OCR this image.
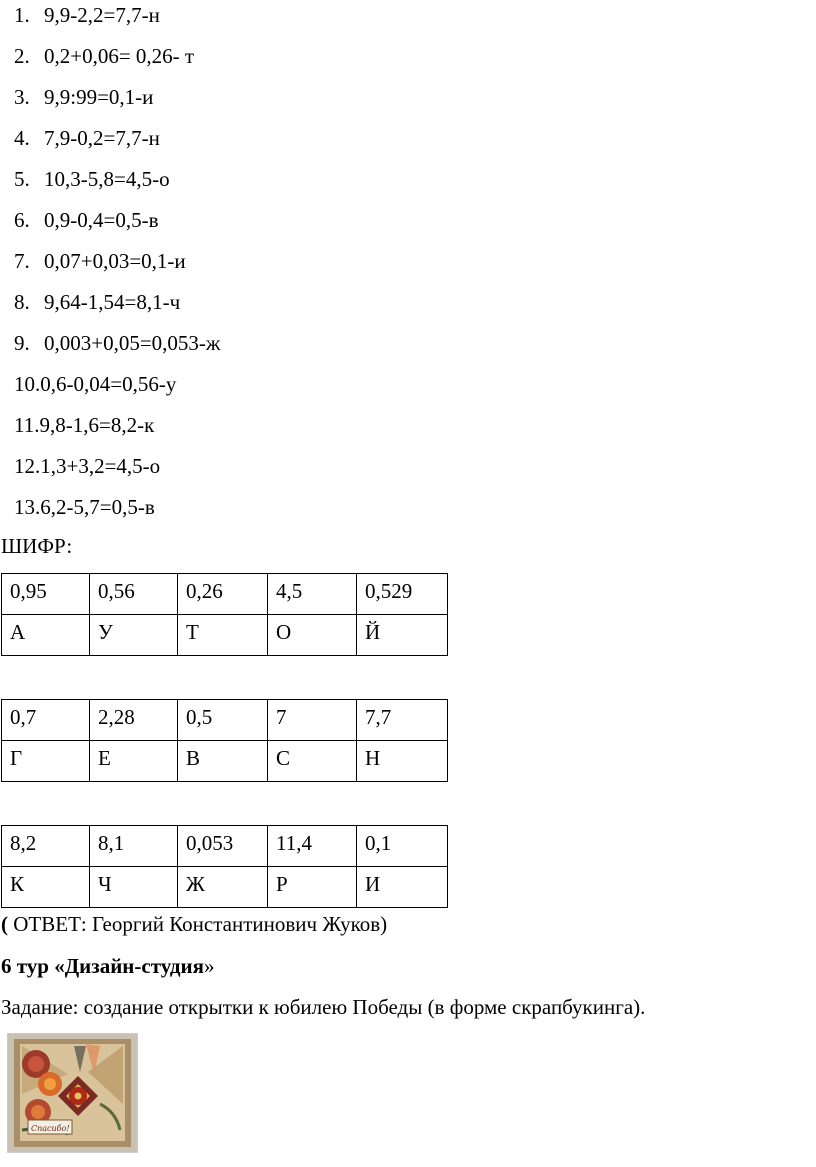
1. 9,9-2,2=7,7-н
2. 0,2+0,06= 0,26- т
3. 9,9:99=0,1-и
4. 7,9-0,2=7,7-н
5. 10,3-5,8=4,5-о
6. 0,9-0,4=0,5-в
7. 0,07+0,03=0,1-и
8. 9,64-1,54=8,1-ч
9. 0,003+0,05=0,053-ж
10.0,6-0,04=0,56-у
11.9,8-1,6=8,2-к
12.1,3+3,2=4,5-о
13.6,2-5,7=0,5-в
ШИФР:
0,95	0,56	0,26	4,5	0,529
А	У	Т	О	Й
0,7	2,28	0,5	7	7,7
Г	Е	В	С	Н
8,2	8,1	0,053	11,4	0,1
К	Ч	Ж	Р	И
( ОТВЕТ: Георгий Константинович Жуков)
6 тур «Дизайн-студия»
Задание: создание открытки к юбилею Победы (в форме скрапбукинга).
Спасибо!
